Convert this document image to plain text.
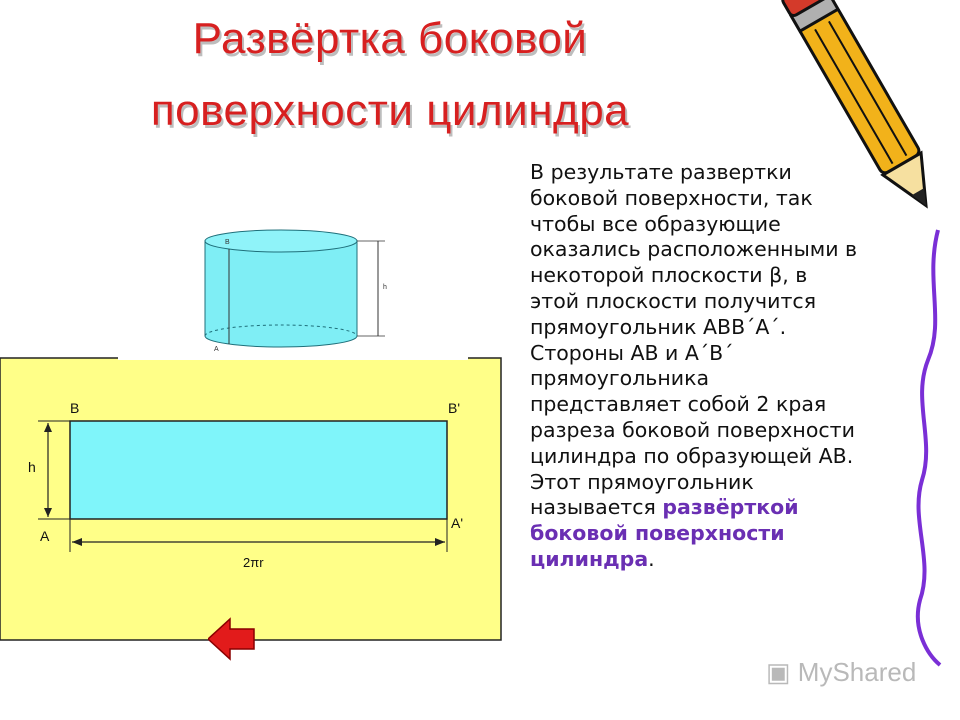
Развёртка боковой
поверхности цилиндра
B
A
h
B	B'
A
A'
h
2πr
В результате развертки боковой поверхности, так чтобы все образующие оказались расположенными в некоторой плоскости β, в этой плоскости получится прямоугольник ABB´A´. Стороны AB и A´B´ прямоугольника представляет собой 2 края разреза боковой поверхности цилиндра по образующей AB. Этот прямоугольник называется развёрткой боковой поверхности цилиндра.
▣ MyShared
